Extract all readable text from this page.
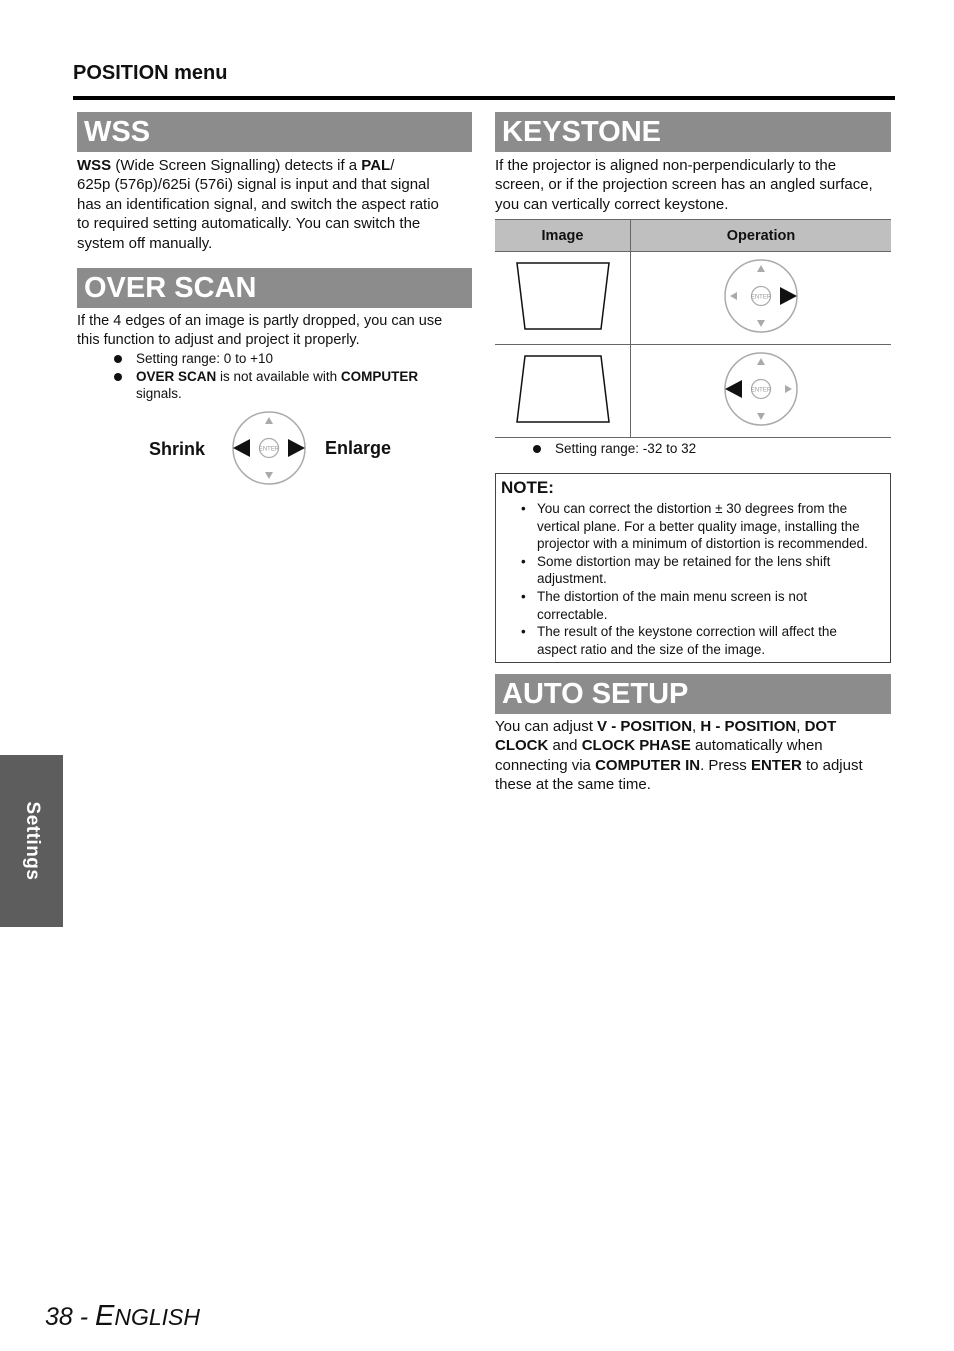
POSITION menu
WSS
WSS (Wide Screen Signalling) detects if a PAL/
625p (576p)/625i (576i) signal is input and that signal
has an identification signal, and switch the aspect ratio
to required setting automatically. You can switch the
system off manually.
OVER SCAN
If the 4 edges of an image is partly dropped, you can use
this function to adjust and project it properly.
Setting range: 0 to +10
OVER SCAN is not available with COMPUTER
signals.
Shrink	ENTER	Enlarge
KEYSTONE
If the projector is aligned non-perpendicularly to the
screen, or if the projection screen has an angled surface,
you can vertically correct keystone.
Image	Operation

ENTER

ENTER
Setting range: -32 to 32
NOTE:
• You can correct the distortion ± 30 degrees from the
vertical plane. For a better quality image, installing the
projector with a minimum of distortion is recommended.
• Some distortion may be retained for the lens shift
adjustment.
• The distortion of the main menu screen is not
correctable.
• The result of the keystone correction will affect the
aspect ratio and the size of the image.
AUTO SETUP
You can adjust V - POSITION, H - POSITION, DOT
CLOCK and CLOCK PHASE automatically when
connecting via COMPUTER IN. Press ENTER to adjust
these at the same time.
Settings
38 - ENGLISH
